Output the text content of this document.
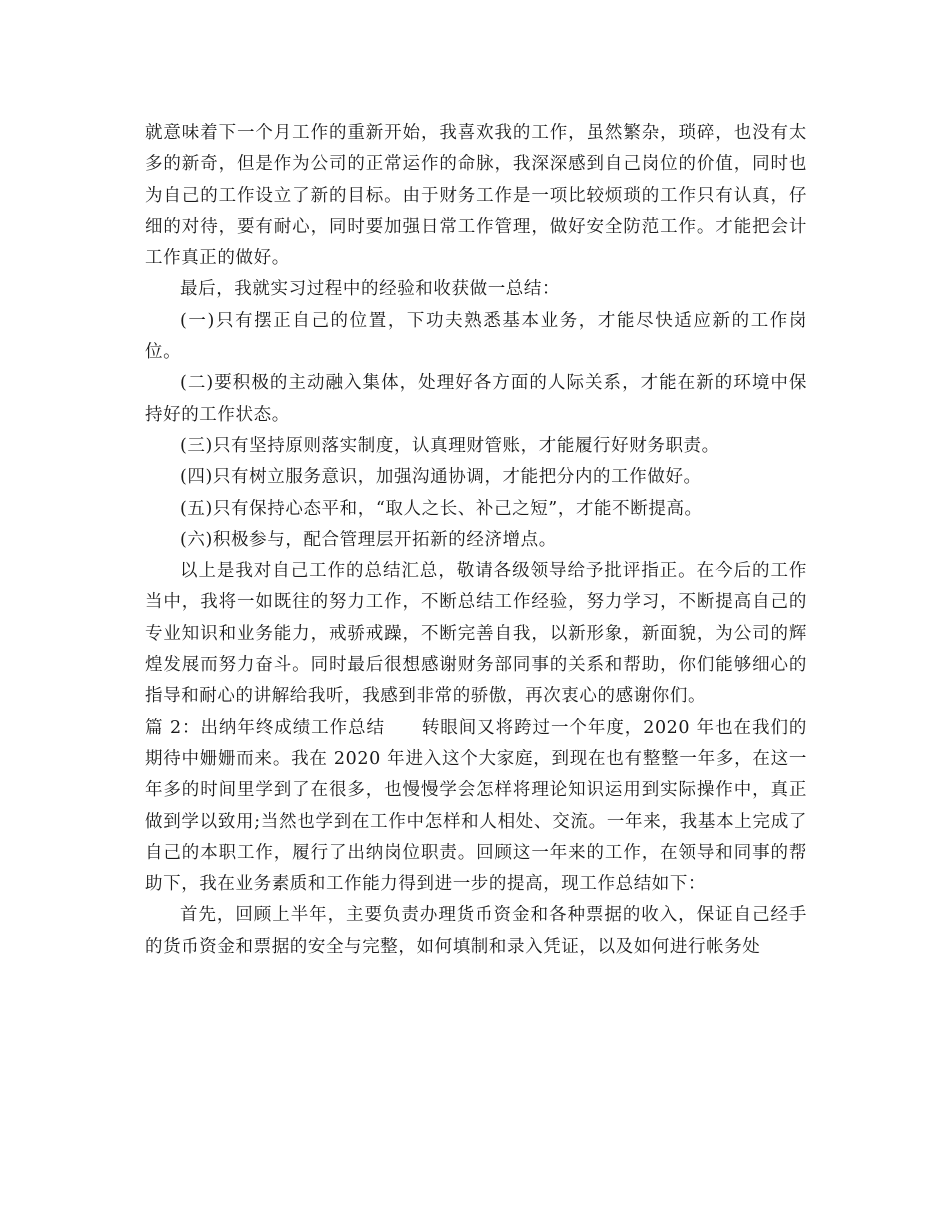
就意味着下一个月工作的重新开始，我喜欢我的工作，虽然繁杂，琐碎，也没有太多的新奇，但是作为公司的正常运作的命脉，我深深感到自己岗位的价值，同时也为自己的工作设立了新的目标。由于财务工作是一项比较烦琐的工作只有认真，仔细的对待，要有耐心，同时要加强日常工作管理，做好安全防范工作。才能把会计工作真正的做好。

最后，我就实习过程中的经验和收获做一总结：

(一)只有摆正自己的位置，下功夫熟悉基本业务，才能尽快适应新的工作岗位。

(二)要积极的主动融入集体，处理好各方面的人际关系，才能在新的环境中保持好的工作状态。

(三)只有坚持原则落实制度，认真理财管账，才能履行好财务职责。

(四)只有树立服务意识，加强沟通协调，才能把分内的工作做好。

(五)只有保持心态平和，“取人之长、补己之短”，才能不断提高。

(六)积极参与，配合管理层开拓新的经济增点。

以上是我对自己工作的总结汇总，敬请各级领导给予批评指正。在今后的工作当中，我将一如既往的努力工作，不断总结工作经验，努力学习，不断提高自己的专业知识和业务能力，戒骄戒躁，不断完善自我，以新形象，新面貌，为公司的辉煌发展而努力奋斗。同时最后很想感谢财务部同事的关系和帮助，你们能够细心的指导和耐心的讲解给我听，我感到非常的骄傲，再次衷心的感谢你们。

篇 2：出纳年终成绩工作总结　　转眼间又将跨过一个年度，2020 年也在我们的期待中姗姗而来。我在 2020 年进入这个大家庭，到现在也有整整一年多，在这一年多的时间里学到了在很多，也慢慢学会怎样将理论知识运用到实际操作中，真正做到学以致用;当然也学到在工作中怎样和人相处、交流。一年来，我基本上完成了自己的本职工作，履行了出纳岗位职责。回顾这一年来的工作，在领导和同事的帮助下，我在业务素质和工作能力得到进一步的提高，现工作总结如下：

首先，回顾上半年，主要负责办理货币资金和各种票据的收入，保证自己经手的货币资金和票据的安全与完整，如何填制和录入凭证，以及如何进行帐务处
